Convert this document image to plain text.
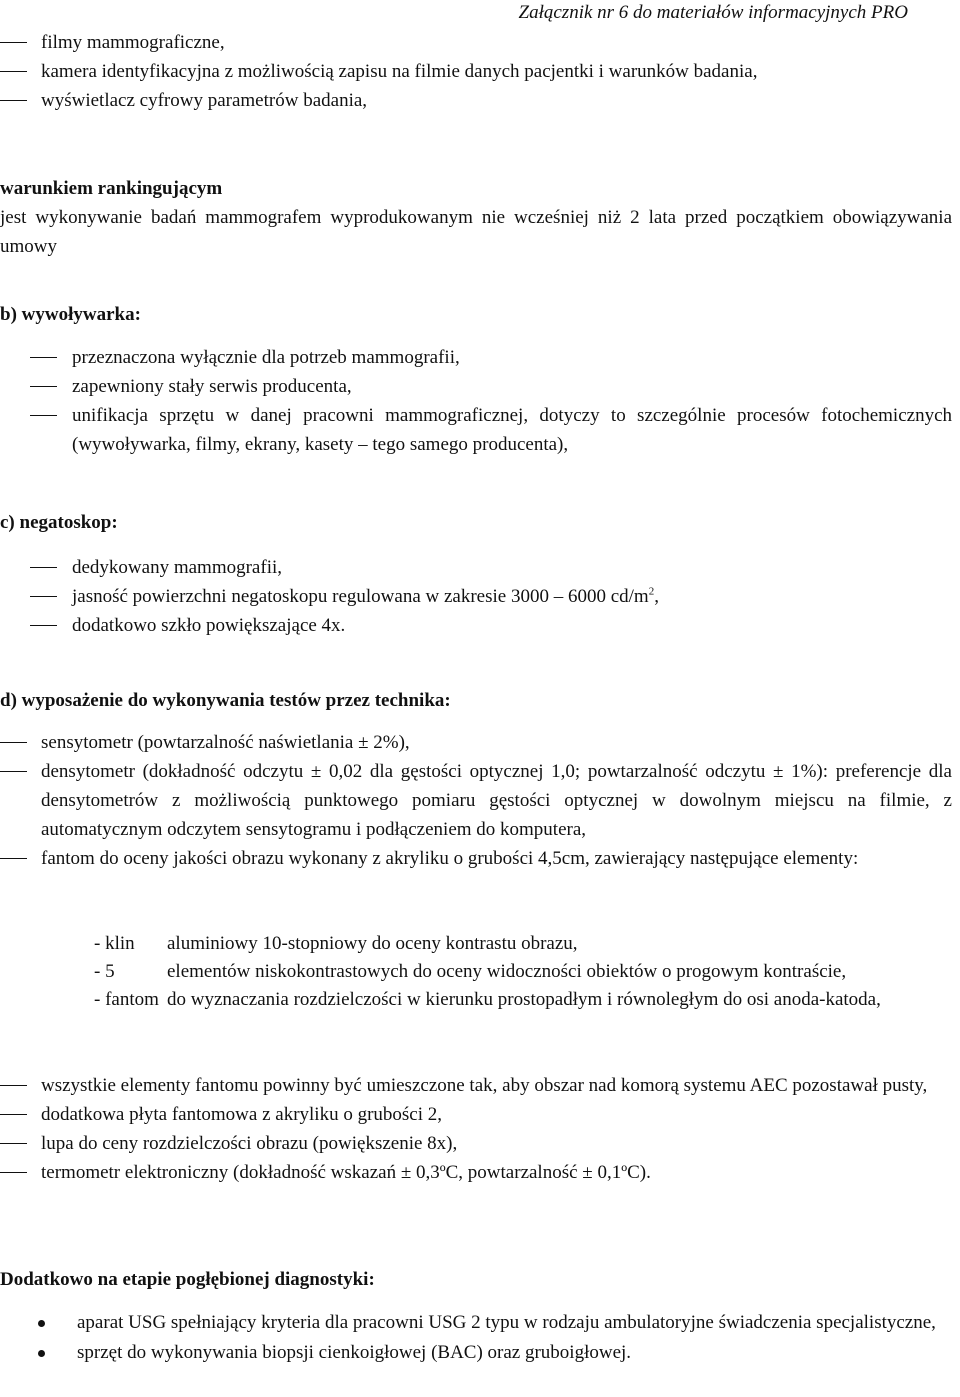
Załącznik nr 6 do materiałów informacyjnych PRO
filmy mammograficzne,
kamera identyfikacyjna z możliwością zapisu na filmie danych pacjentki i warunków badania,
wyświetlacz cyfrowy parametrów badania,
warunkiem rankingującym
jest wykonywanie badań mammografem wyprodukowanym nie wcześniej niż 2 lata przed początkiem obowiązywania umowy
b) wywoływarka:
przeznaczona wyłącznie dla potrzeb mammografii,
zapewniony stały serwis producenta,
unifikacja sprzętu w danej pracowni mammograficznej, dotyczy to szczególnie procesów fotochemicznych (wywoływarka, filmy, ekrany, kasety – tego samego producenta),
c) negatoskop:
dedykowany mammografii,
jasność powierzchni negatoskopu regulowana w zakresie 3000 – 6000 $cd/m^2$,
dodatkowo szkło powiększające 4x.
d) wyposażenie do wykonywania testów przez technika:
sensytometr (powtarzalność naświetlania ± 2%),
densytometr (dokładność odczytu ± 0,02 dla gęstości optycznej 1,0; powtarzalność odczytu ± 1%): preferencje dla densytometrów z możliwością punktowego pomiaru gęstości optycznej w dowolnym miejscu na filmie, z automatycznym odczytem sensytogramu i podłączeniem do komputera,
fantom do oceny jakości obrazu wykonany z akryliku o grubości 4,5cm, zawierający następujące elementy:
- klin aluminiowy 10-stopniowy do oceny kontrastu obrazu,
- 5	elementów niskokontrastowych do oceny widoczności obiektów o progowym kontraście,
- fantom do wyznaczania rozdzielczości w kierunku prostopadłym i równoległym do osi anoda-katoda,
wszystkie elementy fantomu powinny być umieszczone tak, aby obszar nad komorą systemu AEC pozostawał pusty,
dodatkowa płyta fantomowa z akryliku o grubości 2,
lupa do ceny rozdzielczości obrazu (powiększenie 8x),
termometr elektroniczny (dokładność wskazań ± 0,3ºC, powtarzalność ± 0,1ºC).
Dodatkowo na etapie pogłębionej diagnostyki:
aparat USG spełniający kryteria dla pracowni USG 2 typu w rodzaju ambulatoryjne świadczenia specjalistyczne,
sprzęt do wykonywania biopsji cienkoigłowej (BAC) oraz gruboigłowej.
